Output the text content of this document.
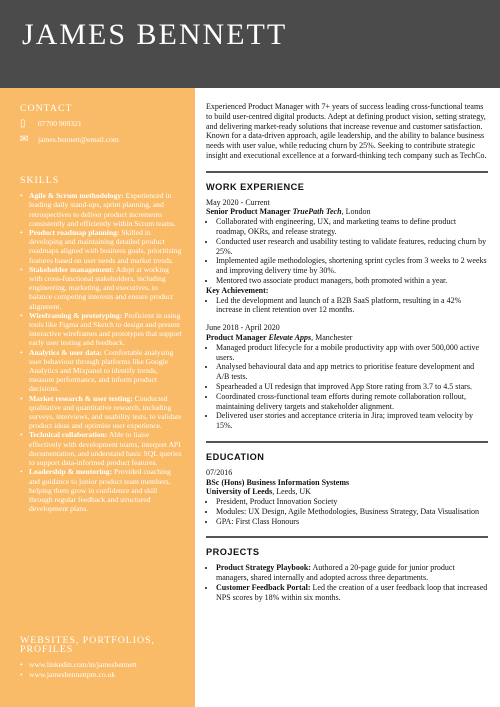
JAMES BENNETT
CONTACT
▯	07700 900321
✉	james.bennett@email.com
SKILLS
• Agile & Scrum methodology: Experienced in leading daily stand-ups, sprint planning, and retrospectives to deliver product increments consistently and efficiently within Scrum teams.
• Product roadmap planning: Skilled in developing and maintaining detailed product roadmaps aligned with business goals, prioritising features based on user needs and market trends.
• Stakeholder management: Adept at working with cross-functional stakeholders, including engineering, marketing, and executives, to balance competing interests and ensure product alignment.
• Wireframing & prototyping: Proficient in using tools like Figma and Sketch to design and present interactive wireframes and prototypes that support early user testing and feedback.
• Analytics & user data: Comfortable analysing user behaviour through platforms like Google Analytics and Mixpanel to identify trends, measure performance, and inform product decisions.
• Market research & user testing: Conducted qualitative and quantitative research, including surveys, interviews, and usability tests, to validate product ideas and optimise user experience.
• Technical collaboration: Able to liaise effectively with development teams, interpret API documentation, and understand basic SQL queries to support data-informed product features.
• Leadership & mentoring: Provided coaching and guidance to junior product team members, helping them grow in confidence and skill through regular feedback and structured development plans.
WEBSITES, PORTFOLIOS, PROFILES
• www.linkedin.com/in/jamesbennett
• www.jamesbennettpm.co.uk
Experienced Product Manager with 7+ years of success leading cross-functional teams to build user-centred digital products. Adept at defining product vision, setting strategy, and delivering market-ready solutions that increase revenue and customer satisfaction. Known for a data-driven approach, agile leadership, and the ability to balance business needs with user value, while reducing churn by 25%. Seeking to contribute strategic insight and executional excellence at a forward-thinking tech company such as TechCo.
WORK EXPERIENCE
May 2020 - Current
Senior Product Manager TruePath Tech, London
• Collaborated with engineering, UX, and marketing teams to define product roadmap, OKRs, and release strategy.
• Conducted user research and usability testing to validate features, reducing churn by 25%.
• Implemented agile methodologies, shortening sprint cycles from 3 weeks to 2 weeks and improving delivery time by 30%.
• Mentored two associate product managers, both promoted within a year.
Key Achievement:
• Led the development and launch of a B2B SaaS platform, resulting in a 42% increase in client retention over 12 months.
June 2018 - April 2020
Product Manager Elevate Apps, Manchester
• Managed product lifecycle for a mobile productivity app with over 500,000 active users.
• Analysed behavioural data and app metrics to prioritise feature development and A/B tests.
• Spearheaded a UI redesign that improved App Store rating from 3.7 to 4.5 stars.
• Coordinated cross-functional team efforts during remote collaboration rollout, maintaining delivery targets and stakeholder alignment.
• Delivered user stories and acceptance criteria in Jira; improved team velocity by 15%.
EDUCATION
07/2016
BSc (Hons) Business Information Systems
University of Leeds, Leeds, UK
• President, Product Innovation Society
• Modules: UX Design, Agile Methodologies, Business Strategy, Data Visualisation
• GPA: First Class Honours
PROJECTS
• Product Strategy Playbook: Authored a 20-page guide for junior product managers, shared internally and adopted across three departments.
• Customer Feedback Portal: Led the creation of a user feedback loop that increased NPS scores by 18% within six months.
